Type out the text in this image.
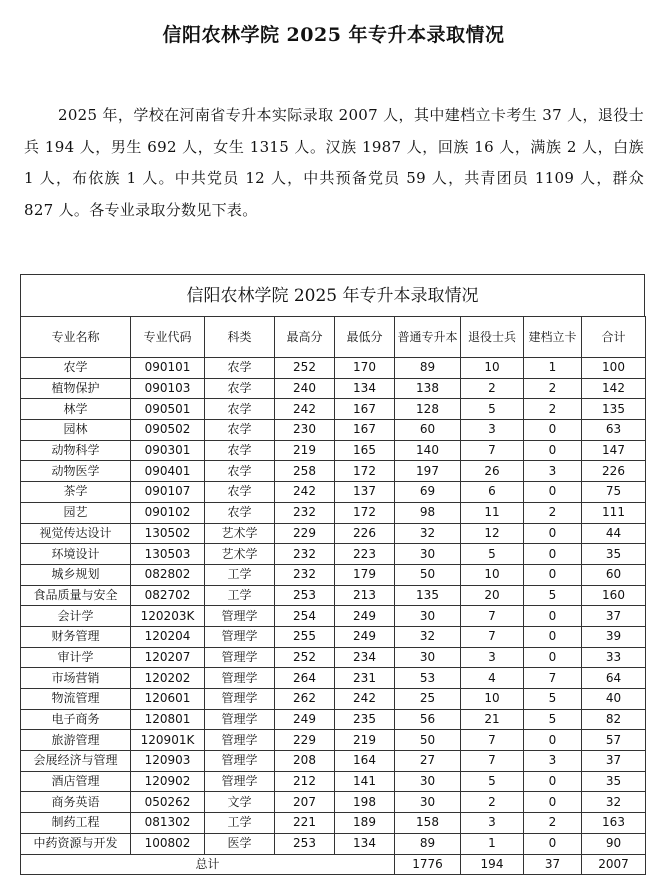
信阳农林学院 2025 年专升本录取情况

2025 年，学校在河南省专升本实际录取 2007 人，其中建档立卡考生 37 人，退役士兵 194 人，男生 692 人，女生 1315 人。汉族 1987 人，回族 16 人，满族 2 人，白族 1 人，布依族 1 人。中共党员 12 人，中共预备党员 59 人，共青团员 1109 人，群众 827 人。各专业录取分数见下表。

信阳农林学院 2025 年专升本录取情况
专业名称	专业代码	科类	最高分	最低分	普通专升本	退役士兵	建档立卡	合计
农学	090101	农学	252	170	89	10	1	100
植物保护	090103	农学	240	134	138	2	2	142
林学	090501	农学	242	167	128	5	2	135
园林	090502	农学	230	167	60	3	0	63
动物科学	090301	农学	219	165	140	7	0	147
动物医学	090401	农学	258	172	197	26	3	226
茶学	090107	农学	242	137	69	6	0	75
园艺	090102	农学	232	172	98	11	2	111
视觉传达设计	130502	艺术学	229	226	32	12	0	44
环境设计	130503	艺术学	232	223	30	5	0	35
城乡规划	082802	工学	232	179	50	10	0	60
食品质量与安全	082702	工学	253	213	135	20	5	160
会计学	120203K	管理学	254	249	30	7	0	37
财务管理	120204	管理学	255	249	32	7	0	39
审计学	120207	管理学	252	234	30	3	0	33
市场营销	120202	管理学	264	231	53	4	7	64
物流管理	120601	管理学	262	242	25	10	5	40
电子商务	120801	管理学	249	235	56	21	5	82
旅游管理	120901K	管理学	229	219	50	7	0	57
会展经济与管理	120903	管理学	208	164	27	7	3	37
酒店管理	120902	管理学	212	141	30	5	0	35
商务英语	050262	文学	207	198	30	2	0	32
制药工程	081302	工学	221	189	158	3	2	163
中药资源与开发	100802	医学	253	134	89	1	0	90
总计					1776	194	37	2007
